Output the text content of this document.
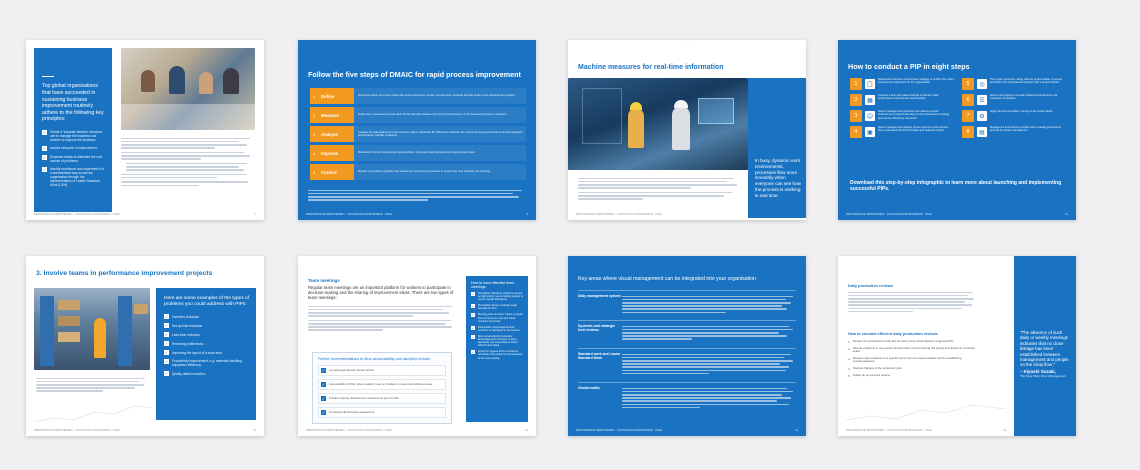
Top global organisations that have succeeded in sustaining business improvement routinely adhere to the following key principles:
✓ Create a 'separate timeline' structure, one to manage the business and another to improve the business.
✓ Involve everyone in improvement.
✓ Empower teams to eliminate the root causes of problems.
✓ Identify excellence and implement it in a standardised way across the organisation through the implementation of Leader Standard Work (LSW).
PERFORMANCE IMPROVEMENT · CONTINUOUS IMPROVEMENT · PAGE	7
· · · · · · · · · ·
Follow the five steps of DMAIC for rapid process improvement
1	Define	Document what you know. Define the scope (customer, inputs, process flow, outputs) and the goals of the improvement project.
2	Measure	Define the measurement tools and criteria that will measure the current performance of the business process in question.
3	Analyse	Analyse the data gathered in the previous step to ascertain the difference between the current process performance and the targeted performance. Identify variations.
4	Improve	Brainstorm further improvement opportunities. Document and implement an improvement plan.
5	Control	Monitor procedures regularly and review the improvement process to ensure the new methods are working.
PERFORMANCE IMPROVEMENT · CONTINUOUS IMPROVEMENT · PAGE	8
· · · · · · · · · ·
Machine measures for real-time information
In busy, dynamic work environments, processes flow more smoothly when everyone can see how the process is working in real time.
PERFORMANCE IMPROVEMENT · CONTINUOUS IMPROVEMENT · PAGE	9
· · · · · · · · · ·
How to conduct a PIP in eight steps
1	📋
Review the business improvement strategy to confirm the major improvement objectives for the organisation.
2	▦
Conduct a loss and waste analysis to identify major performance improvement opportunities.
3	☺
Senior management prioritises and selects several improvement projects that align to the improvement strategy and can be effectively resourced.
4	▣
Senior management designs project sponsors and ensures they understand the PIP principles and selected criteria.
5	◎
The project sponsors, along with the project leader, re-scope and define the improvement projects with a project charter.
6	☰
Ensure the project is formally chartered and all steps are tracked to completion.
7	⚙
Apply structured problem solving to the project tasks.
8	▤
Manage the improvement project with a weekly governance process by senior management.
Download this step-by-step infographic to learn more about launching and implementing successful PIPs.
PERFORMANCE IMPROVEMENT · CONTINUOUS IMPROVEMENT · PAGE	10
3. Involve teams in performance improvement projects
Here are some examples of the types of problems you could address with PIPs:
✓ Inventory reduction
✓ Set-up time reduction
✓ Lead-time reduction
✓ Removing bottlenecks
✓ Improving the layout of a work area
✓ Productivity improvement, e.g. materials handling, equipment efficiency
✓ Quality defect reduction
PERFORMANCE IMPROVEMENT · CONTINUOUS IMPROVEMENT · PAGE	11
Team meetings
Regular team meetings are an important platform for workers to participate in decision-making and the sharing of improvement ideas. There are two types of team meetings:
Further recommendations to drive accountability and discipline include:
✓ A posted agenda with visual controls
✓ Accountability (LSW), where leaders meet on huddles to review and address issues
✓ Problem-solving effectiveness measured as part of LSW
✓ A meeting effectiveness assessment
How to have effective team meetings
✓	Attendance: Meetings should be viewed as high priority; use a tracking register to ensure regular attendance.
✓	Punctuality: Ensure meetings begin promptly on time.
✓	Meeting place and time: Select a regular time and place to meet and inform members previously.
✓	Participation: Encourage all team members to participate in discussions.
✓	Best conversational courtesies: Encourage team members to listen attentively and respectfully to others without interrupting.
✓	Action list: Agreed actions should be recorded on the action list and reviewed at the next meeting.
PERFORMANCE IMPROVEMENT · CONTINUOUS IMPROVEMENT · PAGE	12
Key areas where visual management can be integrated into your organisation
Daily management system
Systemic and strategic level reviews
Standard work and Leader Standard Work
Gemba walks
PERFORMANCE IMPROVEMENT · CONTINUOUS IMPROVEMENT · PAGE	13
Daily production reviews
How to conduct efficient daily production reviews
1. Review the performance of the last 24 hours using visual displays of agreed KPIs.
2. Discuss problems or non-conformances which occurred during this period and decide on corrective action.
3. Allocate major problems to a specific person for root cause analysis and for establishing countermeasures.
4. Discuss changes to the production plan.
5. Follow up on previous actions.
"The absence of such daily or weekly meetings indicates that no close linkage has been established between management and people on the shop floor."
– Kiyoshi Suzaki,
The New Shop Floor Management
PERFORMANCE IMPROVEMENT · CONTINUOUS IMPROVEMENT · PAGE	14
